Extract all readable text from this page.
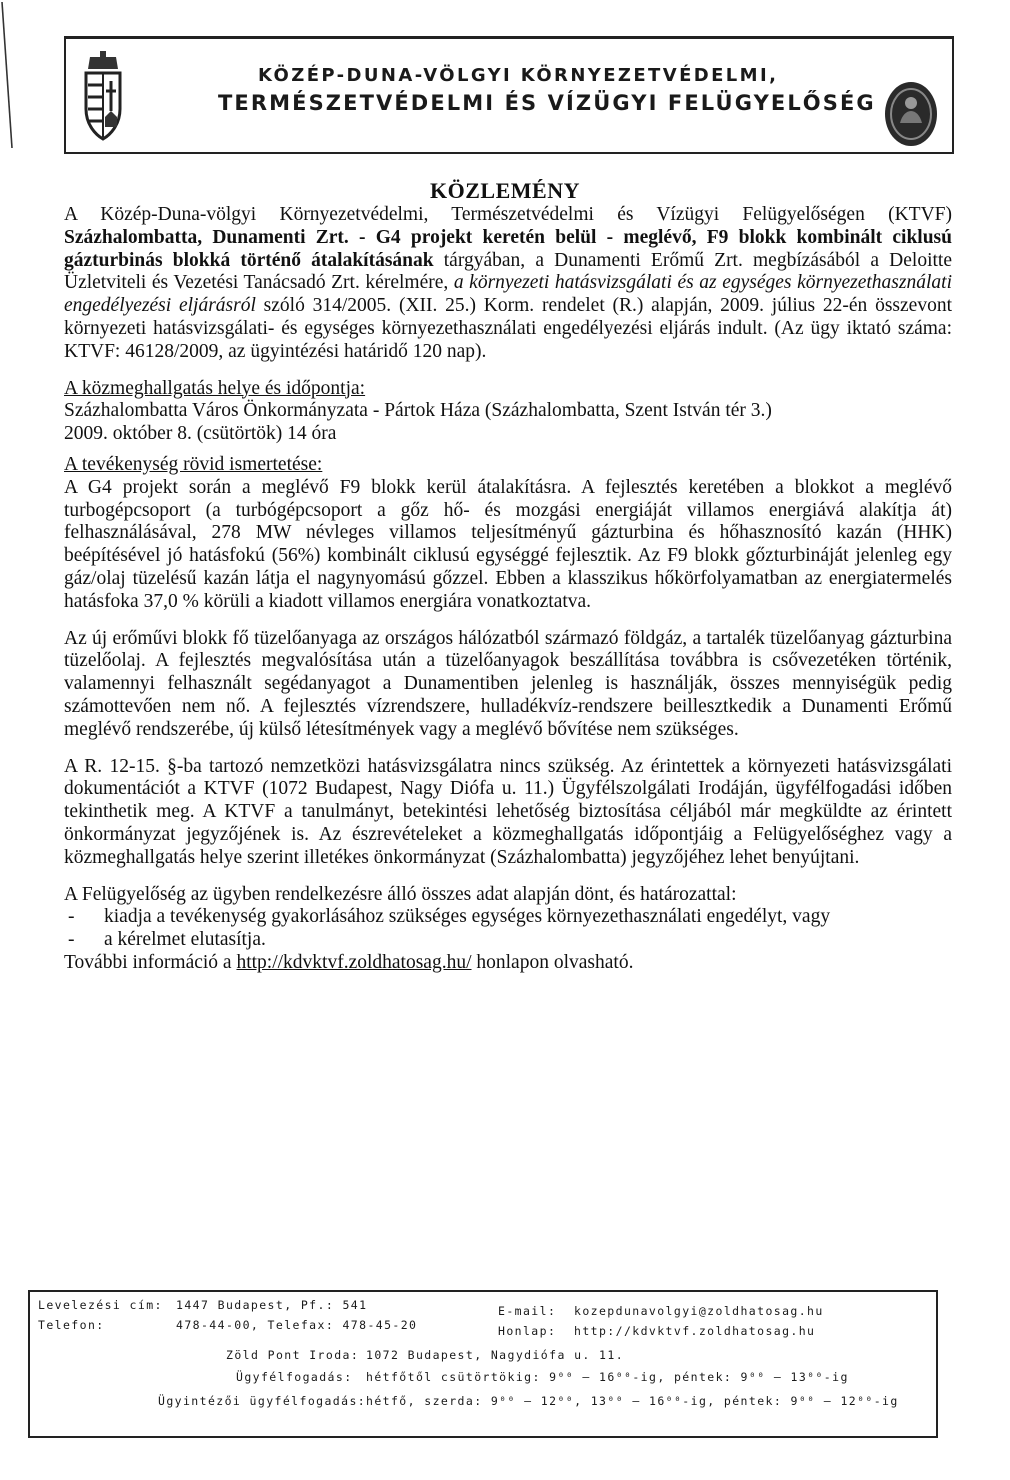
KÖZÉP-DUNA-VÖLGYI KÖRNYEZETVÉDELMI,
TERMÉSZETVÉDELMI ÉS VÍZÜGYI FELÜGYELŐSÉG
KÖZLEMÉNY

A Közép-Duna-völgyi Környezetvédelmi, Természetvédelmi és Vízügyi Felügyelőségen (KTVF) Százhalombatta, Dunamenti Zrt. - G4 projekt keretén belül - meglévő, F9 blokk kombinált ciklusú gázturbinás blokká történő átalakításának tárgyában, a Dunamenti Erőmű Zrt. megbízásából a Deloitte Üzletviteli és Vezetési Tanácsadó Zrt. kérelmére, a környezeti hatásvizsgálati és az egységes környezethasználati engedélyezési eljárásról szóló 314/2005. (XII. 25.) Korm. rendelet (R.) alapján, 2009. július 22-én összevont környezeti hatásvizsgálati- és egységes környezethasználati engedélyezési eljárás indult. (Az ügy iktató száma: KTVF: 46128/2009, az ügyintézési határidő 120 nap).

A közmeghallgatás helye és időpontja:

Százhalombatta Város Önkormányzata - Pártok Háza (Százhalombatta, Szent István tér 3.)

2009. október 8. (csütörtök) 14 óra

A tevékenység rövid ismertetése:

A G4 projekt során a meglévő F9 blokk kerül átalakításra. A fejlesztés keretében a blokkot a meglévő turbogépcsoport (a turbógépcsoport a gőz hő- és mozgási energiáját villamos energiává alakítja át) felhasználásával, 278 MW névleges villamos teljesítményű gázturbina és hőhasznosító kazán (HHK) beépítésével jó hatásfokú (56%) kombinált ciklusú egységgé fejlesztik. Az F9 blokk gőzturbináját jelenleg egy gáz/olaj tüzelésű kazán látja el nagynyomású gőzzel. Ebben a klasszikus hőkörfolyamatban az energiatermelés hatásfoka 37,0 % körüli a kiadott villamos energiára vonatkoztatva.

Az új erőművi blokk fő tüzelőanyaga az országos hálózatból származó földgáz, a tartalék tüzelőanyag gázturbina tüzelőolaj. A fejlesztés megvalósítása után a tüzelőanyagok beszállítása továbbra is csővezetéken történik, valamennyi felhasznált segédanyagot a Dunamentiben jelenleg is használják, összes mennyiségük pedig számottevően nem nő. A fejlesztés vízrendszere, hulladékvíz-rendszere beillesztkedik a Dunamenti Erőmű meglévő rendszerébe, új külső létesítmények vagy a meglévő bővítése nem szükséges.

A R. 12-15. §-ba tartozó nemzetközi hatásvizsgálatra nincs szükség. Az érintettek a környezeti hatásvizsgálati dokumentációt a KTVF (1072 Budapest, Nagy Diófa u. 11.) Ügyfélszolgálati Irodáján, ügyfélfogadási időben tekinthetik meg. A KTVF a tanulmányt, betekintési lehetőség biztosítása céljából már megküldte az érintett önkormányzat jegyzőjének is. Az észrevételeket a közmeghallgatás időpontjáig a Felügyelőséghez vagy a közmeghallgatás helye szerint illetékes önkormányzat (Százhalombatta) jegyzőjéhez lehet benyújtani.

A Felügyelőség az ügyben rendelkezésre álló összes adat alapján dönt, és határozattal:

- kiadja a tevékenység gyakorlásához szükséges egységes környezethasználati engedélyt, vagy
- a kérelmet elutasítja.

További információ a http://kdvktvf.zoldhatosag.hu/ honlapon olvasható.

Levelezési cím: 1447 Budapest, Pf.: 541
Telefon:	478-44-00, Telefax: 478-45-20
E-mail: kozepdunavolgyi@zoldhatosag.hu
Honlap: http://kdvktvf.zoldhatosag.hu
Zöld Pont Iroda: 1072 Budapest, Nagydiófa u. 11.
Ügyfélfogadás: hétfőtől csütörtökig: 9⁰⁰ – 16⁰⁰-ig, péntek: 9⁰⁰ – 13⁰⁰-ig
Ügyintézői ügyfélfogadás: hétfő, szerda: 9⁰⁰ – 12⁰⁰, 13⁰⁰ – 16⁰⁰-ig, péntek: 9⁰⁰ – 12⁰⁰-ig
